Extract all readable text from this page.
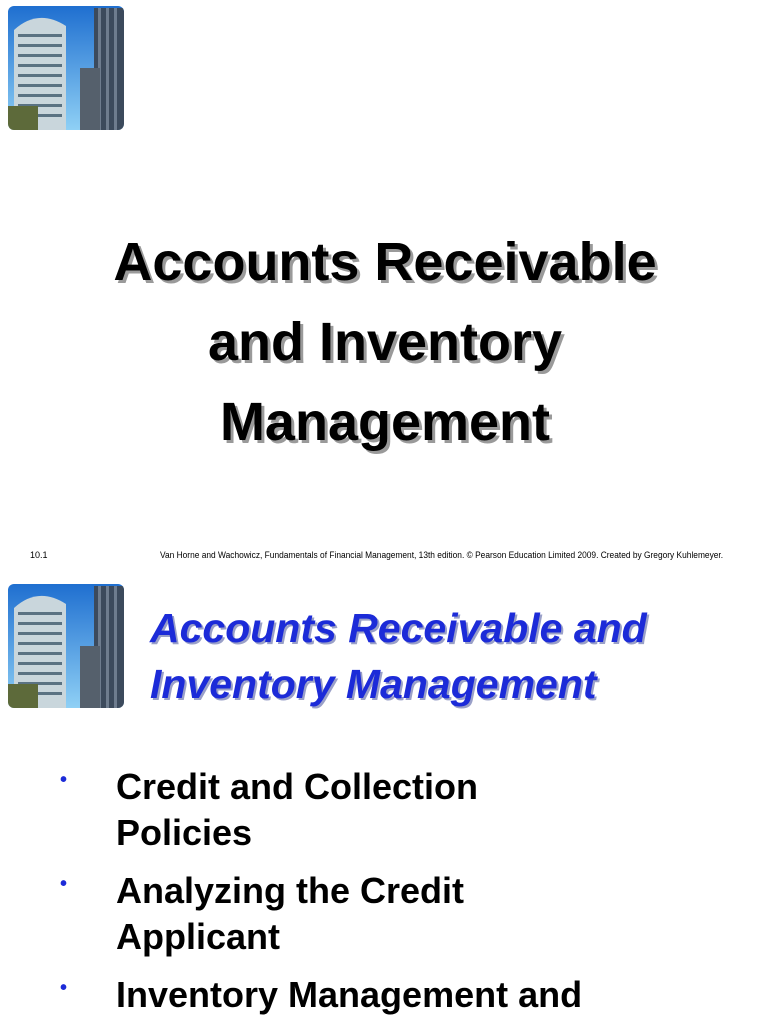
Accounts Receivable
and Inventory
Management
10.1	Van Horne and Wachowicz, Fundamentals of Financial Management, 13th edition. © Pearson Education Limited 2009. Created by Gregory Kuhlemeyer.
Accounts Receivable and
Inventory Management
• Credit and Collection
Policies
• Analyzing the Credit
Applicant
• Inventory Management and
